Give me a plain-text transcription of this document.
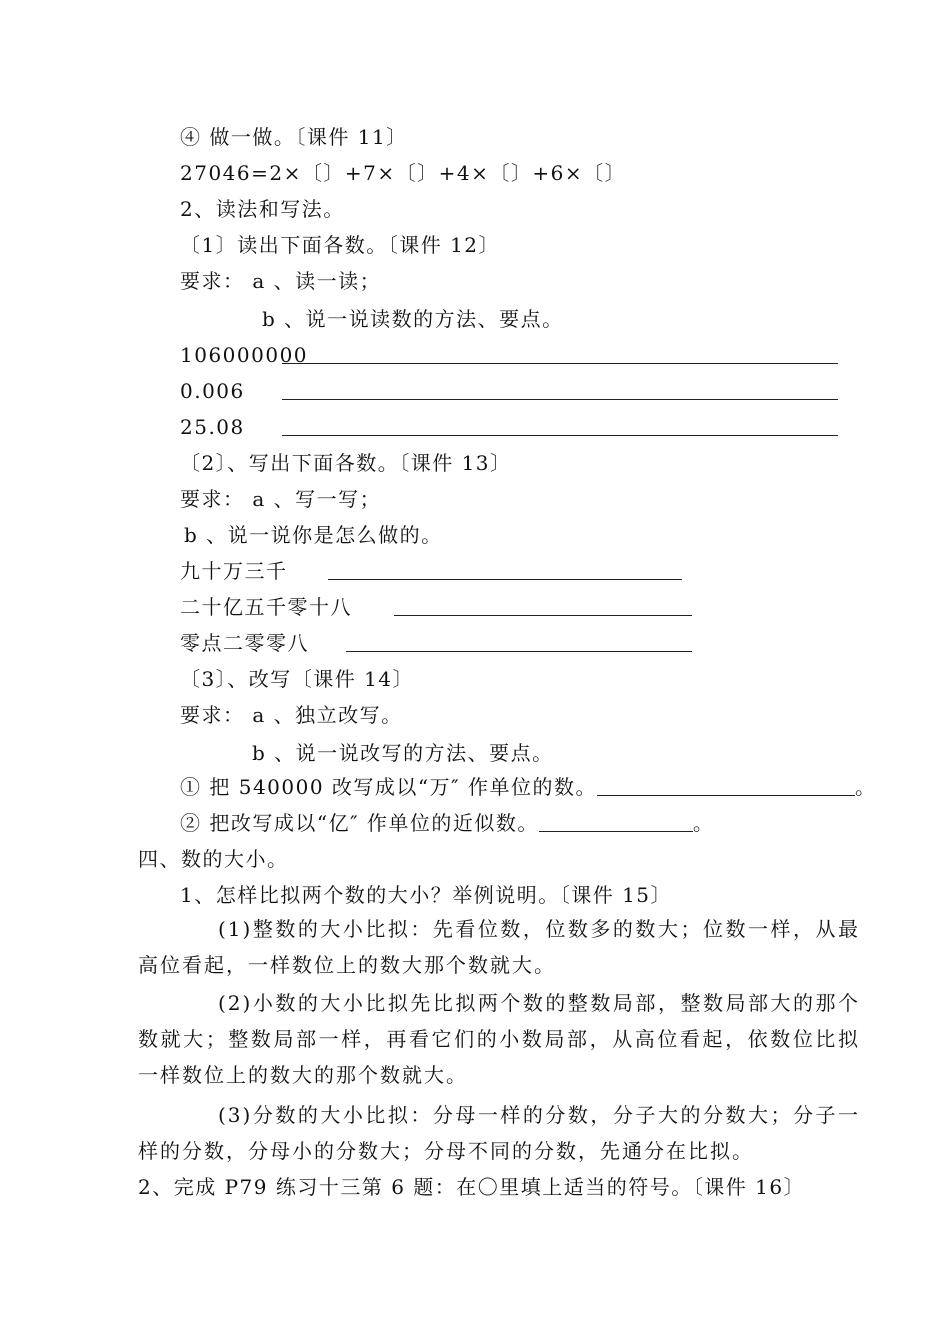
④ 做一做。〔课件 11〕
27046=2×〔〕+7×〔〕+4×〔〕+6×〔〕
2、读法和写法。
〔1〕读出下面各数。〔课件 12〕
要求： a 、读一读；
b 、说一说读数的方法、要点。
106000000
0.006
25.08
〔2〕、写出下面各数。〔课件 13〕
要求： a 、写一写；
b 、说一说你是怎么做的。
九十万三千
二十亿五千零十八
零点二零零八
〔3〕、改写〔课件 14〕
要求： a 、独立改写。
b 、说一说改写的方法、要点。
① 把 540000 改写成以“万″ 作单位的数。	。
② 把改写成以“亿″ 作单位的近似数。	。
四、数的大小。
1、怎样比拟两个数的大小？举例说明。〔课件 15〕
(1)整数的大小比拟：先看位数，位数多的数大；位数一样，从最高位看起，一样数位上的数大那个数就大。
(2)小数的大小比拟先比拟两个数的整数局部，整数局部大的那个数就大；整数局部一样，再看它们的小数局部，从高位看起，依数位比拟一样数位上的数大的那个数就大。
(3)分数的大小比拟：分母一样的分数，分子大的分数大；分子一样的分数，分母小的分数大；分母不同的分数，先通分在比拟。
2、完成 P79 练习十三第 6 题：在〇里填上适当的符号。〔课件 16〕
